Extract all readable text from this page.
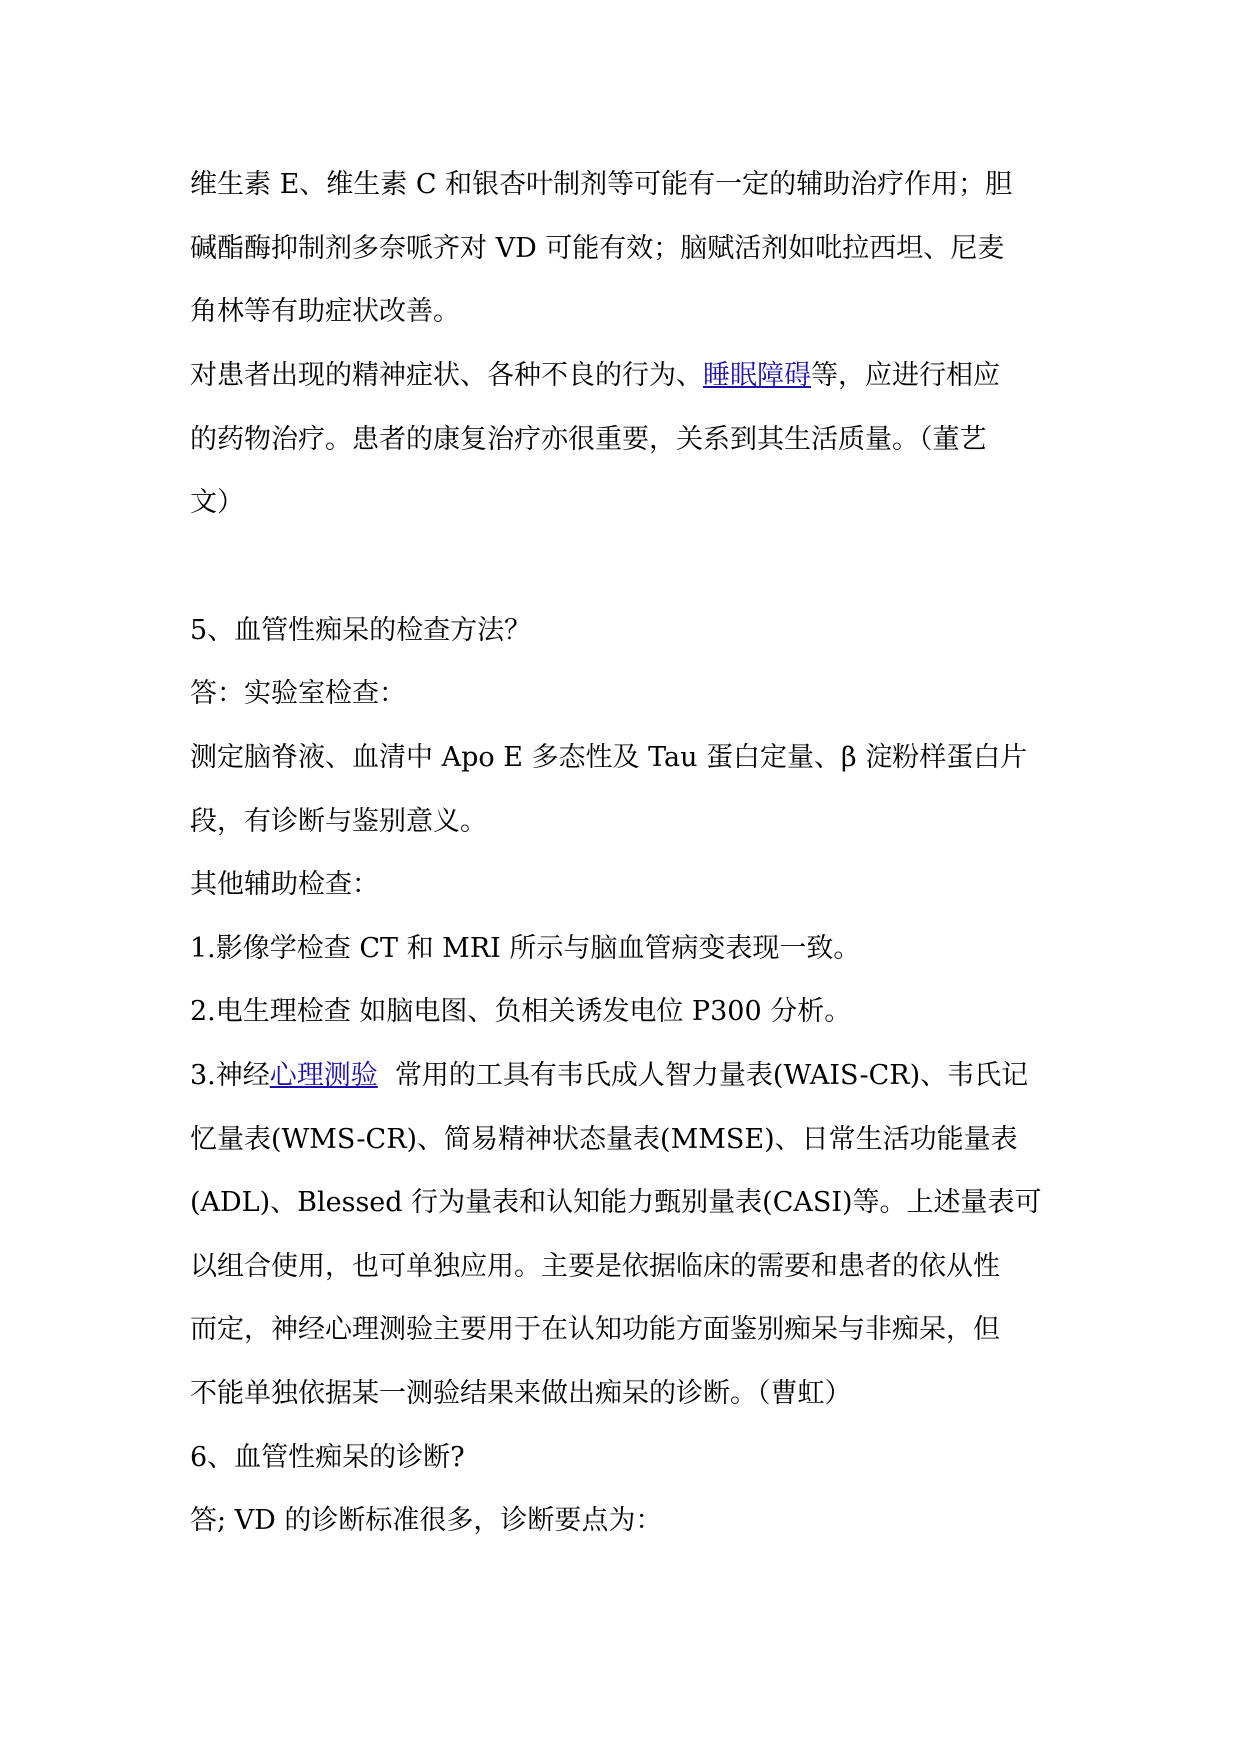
维生素 E、维生素 C 和银杏叶制剂等可能有一定的辅助治疗作用；胆
碱酯酶抑制剂多奈哌齐对 VD 可能有效；脑赋活剂如吡拉西坦、尼麦
角林等有助症状改善。
对患者出现的精神症状、各种不良的行为、睡眠障碍等，应进行相应
的药物治疗。患者的康复治疗亦很重要，关系到其生活质量。（董艺
文）
5、血管性痴呆的检查方法？
答：实验室检查：
测定脑脊液、血清中 Apo E 多态性及 Tau 蛋白定量、β 淀粉样蛋白片
段，有诊断与鉴别意义。
其他辅助检查：
1.影像学检查 CT 和 MRI 所示与脑血管病变表现一致。
2.电生理检查 如脑电图、负相关诱发电位 P300 分析。
3.神经心理测验  常用的工具有韦氏成人智力量表(WAIS-CR)、韦氏记
忆量表(WMS-CR)、简易精神状态量表(MMSE)、日常生活功能量表
(ADL)、Blessed 行为量表和认知能力甄别量表(CASI)等。上述量表可
以组合使用，也可单独应用。主要是依据临床的需要和患者的依从性
而定，神经心理测验主要用于在认知功能方面鉴别痴呆与非痴呆，但
不能单独依据某一测验结果来做出痴呆的诊断。（曹虹）
6、血管性痴呆的诊断?
答; VD 的诊断标准很多，诊断要点为：
